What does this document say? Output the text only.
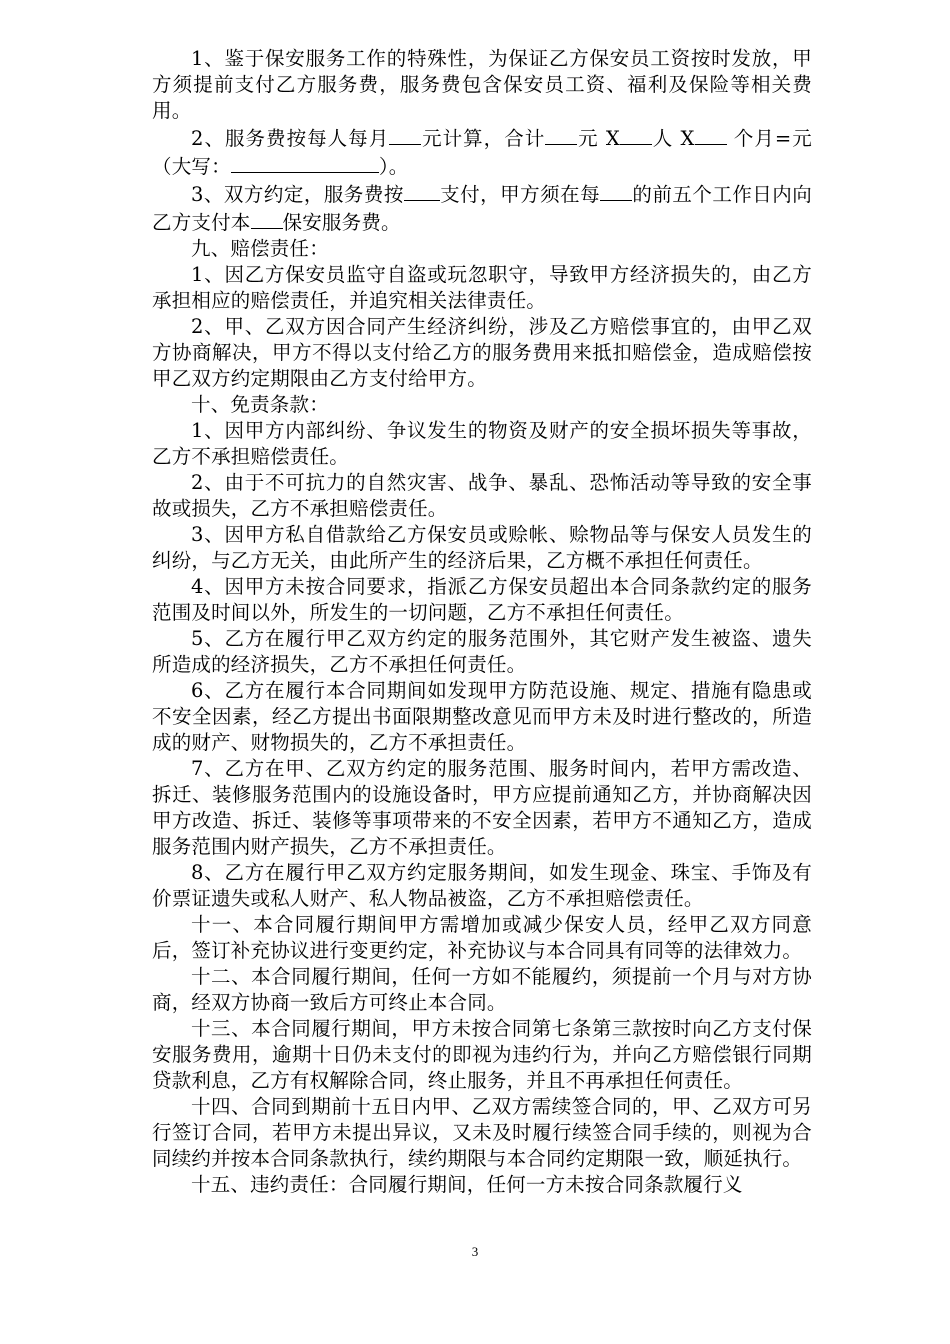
1、鉴于保安服务工作的特殊性，为保证乙方保安员工资按时发放，甲方须提前支付乙方服务费，服务费包含保安员工资、福利及保险等相关费用。

2、服务费按每人每月 元计算，合计 元 X 人 X 个月=元（大写：	）。

3、双方约定，服务费按 支付，甲方须在每 的前五个工作日内向乙方支付本 保安服务费。

九、赔偿责任：

1、因乙方保安员监守自盗或玩忽职守，导致甲方经济损失的，由乙方承担相应的赔偿责任，并追究相关法律责任。

2、甲、乙双方因合同产生经济纠纷，涉及乙方赔偿事宜的，由甲乙双方协商解决，甲方不得以支付给乙方的服务费用来抵扣赔偿金，造成赔偿按甲乙双方约定期限由乙方支付给甲方。

十、免责条款：

1、因甲方内部纠纷、争议发生的物资及财产的安全损坏损失等事故，乙方不承担赔偿责任。

2、由于不可抗力的自然灾害、战争、暴乱、恐怖活动等导致的安全事故或损失，乙方不承担赔偿责任。

3、因甲方私自借款给乙方保安员或赊帐、赊物品等与保安人员发生的纠纷，与乙方无关，由此所产生的经济后果，乙方概不承担任何责任。

4、因甲方未按合同要求，指派乙方保安员超出本合同条款约定的服务范围及时间以外，所发生的一切问题，乙方不承担任何责任。

5、乙方在履行甲乙双方约定的服务范围外，其它财产发生被盗、遗失所造成的经济损失，乙方不承担任何责任。

6、乙方在履行本合同期间如发现甲方防范设施、规定、措施有隐患或不安全因素，经乙方提出书面限期整改意见而甲方未及时进行整改的，所造成的财产、财物损失的，乙方不承担责任。

7、乙方在甲、乙双方约定的服务范围、服务时间内，若甲方需改造、拆迁、装修服务范围内的设施设备时，甲方应提前通知乙方，并协商解决因甲方改造、拆迁、装修等事项带来的不安全因素，若甲方不通知乙方，造成服务范围内财产损失，乙方不承担责任。

8、乙方在履行甲乙双方约定服务期间，如发生现金、珠宝、手饰及有价票证遗失或私人财产、私人物品被盗，乙方不承担赔偿责任。

十一、本合同履行期间甲方需增加或减少保安人员，经甲乙双方同意后，签订补充协议进行变更约定，补充协议与本合同具有同等的法律效力。

十二、本合同履行期间，任何一方如不能履约，须提前一个月与对方协商，经双方协商一致后方可终止本合同。

十三、本合同履行期间，甲方未按合同第七条第三款按时向乙方支付保安服务费用，逾期十日仍未支付的即视为违约行为，并向乙方赔偿银行同期贷款利息，乙方有权解除合同，终止服务，并且不再承担任何责任。

十四、合同到期前十五日内甲、乙双方需续签合同的，甲、乙双方可另行签订合同，若甲方未提出异议，又未及时履行续签合同手续的，则视为合同续约并按本合同条款执行，续约期限与本合同约定期限一致，顺延执行。

十五、违约责任：合同履行期间，任何一方未按合同条款履行义

3
